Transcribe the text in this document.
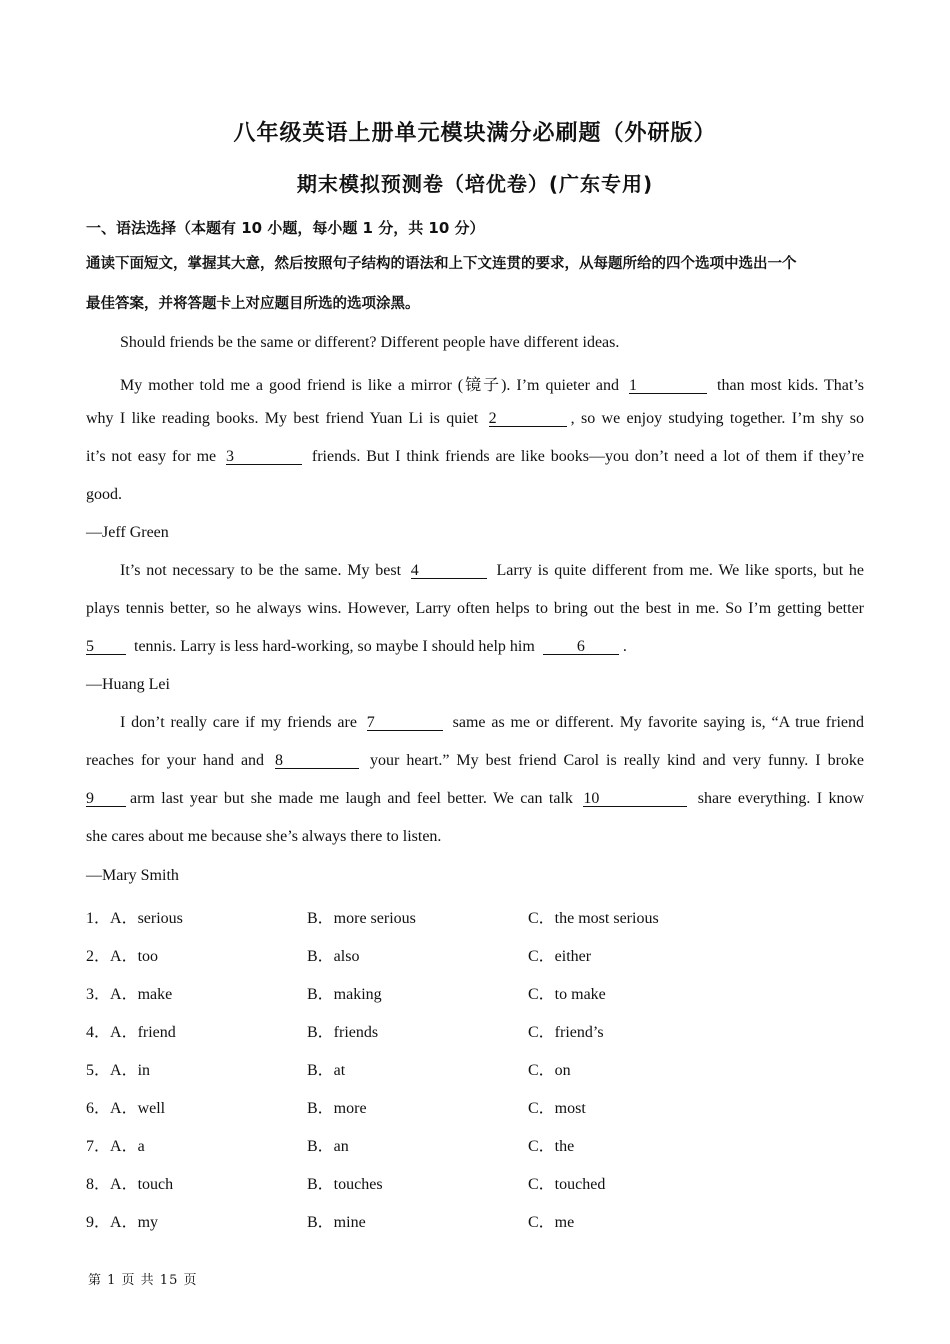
八年级英语上册单元模块满分必刷题（外研版）
期末模拟预测卷（培优卷）(广东专用)
一、语法选择（本题有 10 小题，每小题 1 分，共 10 分）
通读下面短文，掌握其大意，然后按照句子结构的语法和上下文连贯的要求，从每题所给的四个选项中选出一个
最佳答案，并将答题卡上对应题目所选的选项涂黑。
Should friends be the same or different? Different people have different ideas.
My mother told me a good friend is like a mirror (镜子). I’m quieter and 1	than most kids. That’s
why I like reading books. My best friend Yuan Li is quiet 2	, so we enjoy studying together. I’m shy so
it’s not easy for me 3	friends. But I think friends are like books—you don’t need a lot of them if they’re
good.
—Jeff Green
It’s not necessary to be the same. My best 4	Larry is quite different from me. We like sports, but he
plays tennis better, so he always wins. However, Larry often helps to bring out the best in me. So I’m getting better
5	tennis. Larry is less hard-working, so maybe I should help him	6 .
—Huang Lei
I don’t really care if my friends are 7	same as me or different. My favorite saying is, “A true friend
reaches for your hand and 8	your heart.” My best friend Carol is really kind and very funny. I broke
9 arm last year but she made me laugh and feel better. We can talk 10	share everything. I know
she cares about me because she’s always there to listen.
—Mary Smith
1．A．serious	B．more serious	C．the most serious
2．A．too	B．also	C．either
3．A．make	B．making	C．to make
4．A．friend	B．friends	C．friend’s
5．A．in	B．at	C．on
6．A．well	B．more	C．most
7．A．a	B．an	C．the
8．A．touch	B．touches	C．touched
9．A．my	B．mine	C．me
第 1 页 共 15 页
